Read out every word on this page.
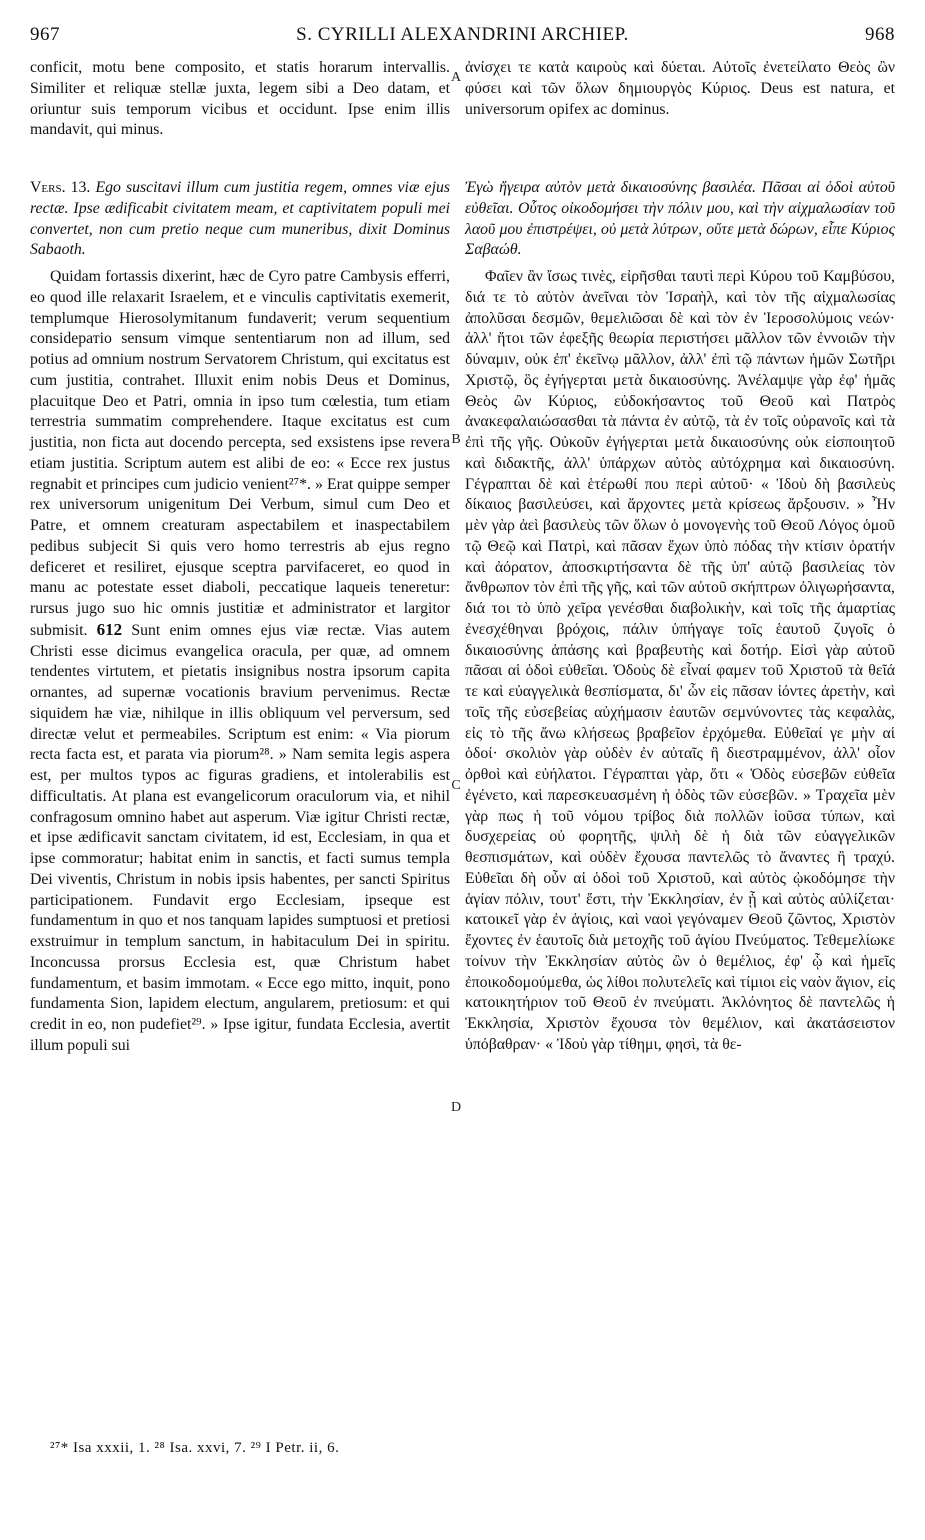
967	S. CYRILLI ALEXANDRINI ARCHIEP.	968

conficit, motu bene composito, et statis horarum intervallis. Similiter et reliquæ stellæ juxta, legem sibi a Deo datam, et oriuntur suis temporum vicibus et occidunt. Ipse enim illis mandavit, qui minus.

Vers. 13. Ego suscitavi illum cum justitia regem, omnes viæ ejus rectæ. Ipse ædificabit civitatem meam, et captivitatem populi mei convertet, non cum pretio neque cum muneribus, dixit Dominus Sabaoth.

Quidam fortassis dixerint, hæc de Cyro patre Cambysis efferri, eo quod ille relaxarit Israelem, et e vinculis captivitatis exemerit, templumque Hierosolymitanum fundaverit; verum sequentium considератio sensum vimque sententiarum non ad illum, sed potius ad omnium nostrum Servatorem Christum, qui excitatus est cum justitia, contrahet. Illuxit enim nobis Deus et Dominus, placuitque Deo et Patri, omnia in ipso tum cœlestia, tum etiam terrestria summatim comprehendere. Itaque excitatus est cum justitia, non ficta aut docendo percepta, sed exsistens ipse revera etiam justitia. Scriptum autem est alibi de eo: « Ecce rex justus regnabit et principes cum judicio venient²⁷*. » Erat quippe semper rex universorum unigenitum Dei Verbum, simul cum Deo et Patre, et omnem creaturam aspectabilem et inaspectabilem pedibus subjecit Si quis vero homo terrestris ab ejus regno deficeret et resiliret, ejusque sceptra parvifaceret, eo quod in manu ac potestate esset diaboli, peccatique laqueis teneretur: rursus jugo suo hic omnis justitiæ et administrator et largitor submisit. 612 Sunt enim omnes ejus viæ rectæ. Vias autem Christi esse dicimus evangelica oracula, per quæ, ad omnem tendentes virtutem, et pietatis insignibus nostra ipsorum capita ornantes, ad supernæ vocationis bravium pervenimus. Rectæ siquidem hæ viæ, nihilque in illis obliquum vel perversum, sed directæ velut et permeabiles. Scriptum est enim: « Via piorum recta facta est, et parata via piorum²⁸. » Nam semita legis aspera est, per multos typos ac figuras gradiens, et intolerabilis est difficultatis. At plana est evangelicorum oraculorum via, et nihil confragosum omnino habet aut asperum. Viæ igitur Christi rectæ, et ipse ædificavit sanctam civitatem, id est, Ecclesiam, in qua et ipse commoratur; habitat enim in sanctis, et facti sumus templa Dei viventis, Christum in nobis ipsis habentes, per sancti Spiritus participationem. Fundavit ergo Ecclesiam, ipseque est fundamentum in quo et nos tanquam lapides sumptuosi et pretiosi exstruimur in templum sanctum, in habitaculum Dei in spiritu. Inconcussa prorsus Ecclesia est, quæ Christum habet fundamentum, et basim immotam. « Ecce ego mitto, inquit, pono fundamenta Sion, lapidem electum, angularem, pretiosum: et qui credit in eo, non pudefiet²⁹. » Ipse igitur, fundata Ecclesia, avertit illum populi sui

A
B
C
D

ἀνίσχει τε κατὰ καιροὺς καὶ δύεται. Αὐτοῖς ἐνετείλατο Θεὸς ὢν φύσει καὶ τῶν ὅλων δημιουργὸς Κύριος. Deus est natura, et universorum opifex ac dominus.

Ἐγὼ ἤγειρα αὐτὸν μετὰ δικαιοσύνης βασιλέα. Πᾶσαι αἱ ὁδοὶ αὐτοῦ εὐθεῖαι. Οὗτος οἰκοδομήσει τὴν πόλιν μου, καὶ τὴν αἰχμαλωσίαν τοῦ λαοῦ μου ἐπιστρέψει, οὐ μετὰ λύτρων, οὔτε μετὰ δώρων, εἶπε Κύριος Σαβαώθ.

Φαῖεν ἂν ἴσως τινὲς, εἰρῆσθαι ταυτὶ περὶ Κύρου τοῦ Καμβύσου, διά τε τὸ αὐτὸν ἀνεῖναι τὸν Ἰσραὴλ, καὶ τὸν τῆς αἰχμαλωσίας ἀπολῦσαι δεσμῶν, θεμελιῶσαι δὲ καὶ τὸν ἐν Ἱεροσολύμοις νεών· ἀλλ' ἤτοι τῶν ἐφεξῆς θεωρία περιστήσει μᾶλλον τῶν ἐννοιῶν τὴν δύναμιν, οὐκ ἐπ' ἐκεῖνῳ μᾶλλον, ἀλλ' ἐπὶ τῷ πάντων ἡμῶν Σωτῆρι Χριστῷ, ὃς ἐγήγερται μετὰ δικαιοσύνης. Ἀνέλαμψε γὰρ ἐφ' ἡμᾶς Θεὸς ὢν Κύριος, εὐδοκήσαντος τοῦ Θεοῦ καὶ Πατρὸς ἀνακεφαλαιώσασθαι τὰ πάντα ἐν αὐτῷ, τὰ ἐν τοῖς οὐρανοῖς καὶ τὰ ἐπὶ τῆς γῆς. Οὐκοῦν ἐγήγερται μετὰ δικαιοσύνης οὐκ εἰσποιητοῦ καὶ διδακτῆς, ἀλλ' ὑπάρχων αὐτὸς αὐτόχρημα καὶ δικαιοσύνη. Γέγραπται δὲ καὶ ἑτέρωθί που περὶ αὐτοῦ· « Ἰδοὺ δὴ βασιλεὺς δίκαιος βασιλεύσει, καὶ ἄρχοντες μετὰ κρίσεως ἄρξουσιν. » Ἦν μὲν γὰρ ἀεὶ βασιλεὺς τῶν ὅλων ὁ μονογενὴς τοῦ Θεοῦ Λόγος ὁμοῦ τῷ Θεῷ καὶ Πατρὶ, καὶ πᾶσαν ἔχων ὑπὸ πόδας τὴν κτίσιν ὁρατήν καὶ ἀόρατον, ἀποσκιρτήσαντα δὲ τῆς ὑπ' αὐτῷ βασιλείας τὸν ἄνθρωπον τὸν ἐπὶ τῆς γῆς, καὶ τῶν αὐτοῦ σκήπτρων ὀλιγωρήσαντα, διά τοι τὸ ὑπὸ χεῖρα γενέσθαι διαβολικὴν, καὶ τοῖς τῆς ἁμαρτίας ἐνεσχέθηναι βρόχοις, πάλιν ὑπήγαγε τοῖς ἑαυτοῦ ζυγοῖς ὁ δικαιοσύνης ἁπάσης καὶ βραβευτὴς καὶ δοτήρ. Εἰσὶ γὰρ αὐτοῦ πᾶσαι αἱ ὁδοὶ εὐθεῖαι. Ὁδοὺς δὲ εἶναί φαμεν τοῦ Χριστοῦ τὰ θεῖά τε καὶ εὐαγγελικὰ θεσπίσματα, δι' ὧν εἰς πᾶσαν ἰόντες ἀρετὴν, καὶ τοῖς τῆς εὐσεβείας αὐχήμασιν ἑαυτῶν σεμνύνοντες τὰς κεφαλὰς, εἰς τὸ τῆς ἄνω κλήσεως βραβεῖον ἐρχόμεθα. Εὐθεῖαί γε μὴν αἱ ὁδοί· σκολιὸν γὰρ οὐδὲν ἐν αὐταῖς ἢ διεστραμμένον, ἀλλ' οἷον ὀρθοὶ καὶ εὐήλατοι. Γέγραπται γὰρ, ὅτι « Ὁδὸς εὐσεβῶν εὐθεῖα ἐγένετο, καὶ παρεσκευασμένη ἡ ὁδὸς τῶν εὐσεβῶν. » Τραχεῖα μὲν γὰρ πως ἡ τοῦ νόμου τρίβος διὰ πολλῶν ἰοῦσα τύπων, καὶ δυσχερείας οὐ φορητῆς, ψιλὴ δὲ ἡ διὰ τῶν εὐαγγελικῶν θεσπισμάτων, καὶ οὐδὲν ἔχουσα παντελῶς τὸ ἄναντες ἢ τραχύ. Εὐθεῖαι δὴ οὖν αἱ ὁδοὶ τοῦ Χριστοῦ, καὶ αὐτὸς ᾠκοδόμησε τὴν ἁγίαν πόλιν, τουτ' ἔστι, τὴν Ἐκκλησίαν, ἐν ᾗ καὶ αὐτὸς αὐλίζεται· κατοικεῖ γὰρ ἐν ἁγίοις, καὶ ναοὶ γεγόναμεν Θεοῦ ζῶντος, Χριστὸν ἔχοντες ἐν ἑαυτοῖς διὰ μετοχῆς τοῦ ἁγίου Πνεύματος. Τεθεμελίωκε τοίνυν τὴν Ἐκκλησίαν αὐτὸς ὢν ὁ θεμέλιος, ἐφ' ᾧ καὶ ἡμεῖς ἐποικοδομούμεθα, ὡς λίθοι πολυτελεῖς καὶ τίμιοι εἰς ναὸν ἅγιον, εἰς κατοικητήριον τοῦ Θεοῦ ἐν πνεύματι. Ἀκλόνητος δὲ παντελῶς ἡ Ἐκκλησία, Χριστὸν ἔχουσα τὸν θεμέλιον, καὶ ἀκατάσειστον ὑπόβαθραν· « Ἰδοὺ γὰρ τίθημι, φησὶ, τὰ θε-

²⁷* Isa xxxii, 1. ²⁸ Isa. xxvi, 7. ²⁹ I Petr. ii, 6.
